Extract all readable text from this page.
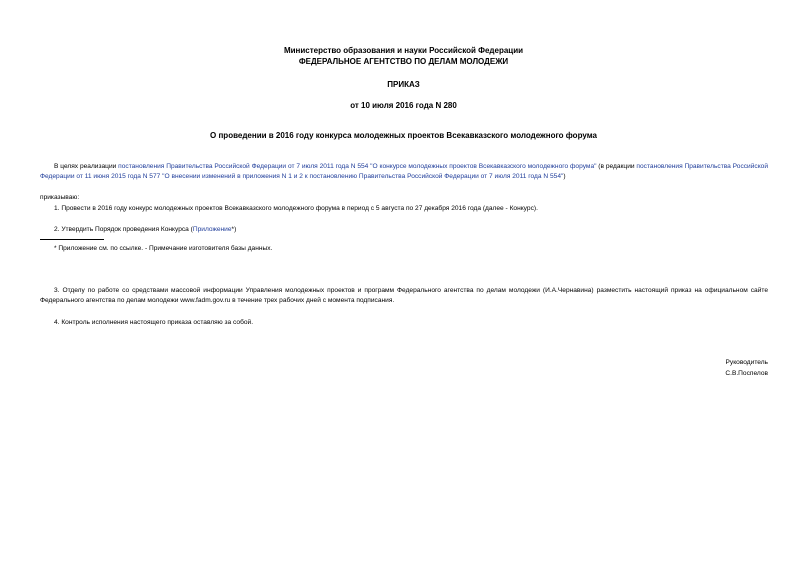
Министерство образования и науки Российской Федерации
ФЕДЕРАЛЬНОЕ АГЕНТСТВО ПО ДЕЛАМ МОЛОДЕЖИ
ПРИКАЗ
от 10 июля 2016 года N 280
О проведении в 2016 году конкурса молодежных проектов Всекавказского молодежного форума
В целях реализации постановления Правительства Российской Федерации от 7 июля 2011 года N 554 "О конкурсе молодежных проектов Всекавказского молодежного форума" (в редакции постановления Правительства Российской Федерации от 11 июня 2015 года N 577 "О внесении изменений в приложения N 1 и 2 к постановлению Правительства Российской Федерации от 7 июля 2011 года N 554")
приказываю:
1. Провести в 2016 году конкурс молодежных проектов Всекавказского молодежного форума в период с 5 августа по 27 декабря 2016 года (далее - Конкурс).
2. Утвердить Порядок проведения Конкурса (Приложение*)
* Приложение см. по ссылке. - Примечание изготовителя базы данных.
3. Отделу по работе со средствами массовой информации Управления молодежных проектов и программ Федерального агентства по делам молодежи (И.А.Чернавина) разместить настоящий приказ на официальном сайте Федерального агентства по делам молодежи www.fadm.gov.ru в течение трех рабочих дней с момента подписания.
4. Контроль исполнения настоящего приказа оставляю за собой.
Руководитель
С.В.Поспелов
